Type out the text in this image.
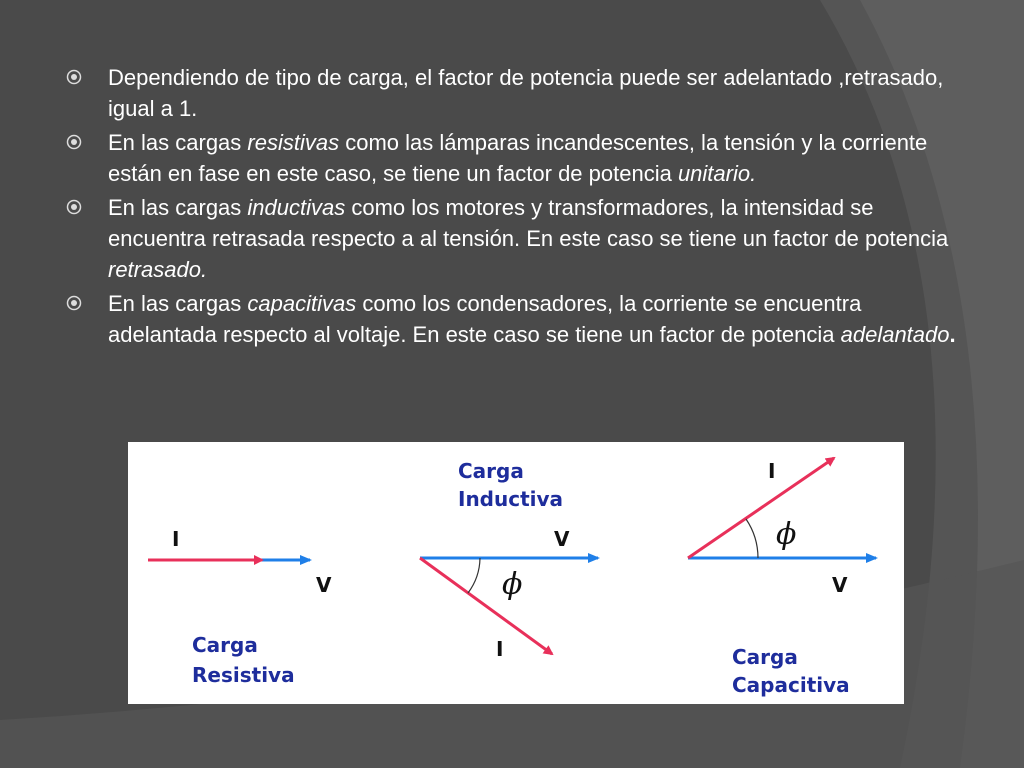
Dependiendo de tipo de carga, el factor de potencia puede ser adelantado ,retrasado, igual a 1.
En las cargas resistivas como las lámparas incandescentes, la tensión y la corriente están en fase en este caso, se tiene un factor de potencia unitario.
En las cargas inductivas como los motores y transformadores, la intensidad se encuentra retrasada respecto a al tensión. En este caso se tiene un factor de potencia retrasado.
En las cargas capacitivas como los condensadores, la corriente se encuentra adelantada respecto al voltaje. En este caso se tiene un factor de potencia adelantado.
I
V
Carga
Resistiva
Carga
Inductiva
V
I
ϕ
I
ϕ
V
Carga
Capacitiva
